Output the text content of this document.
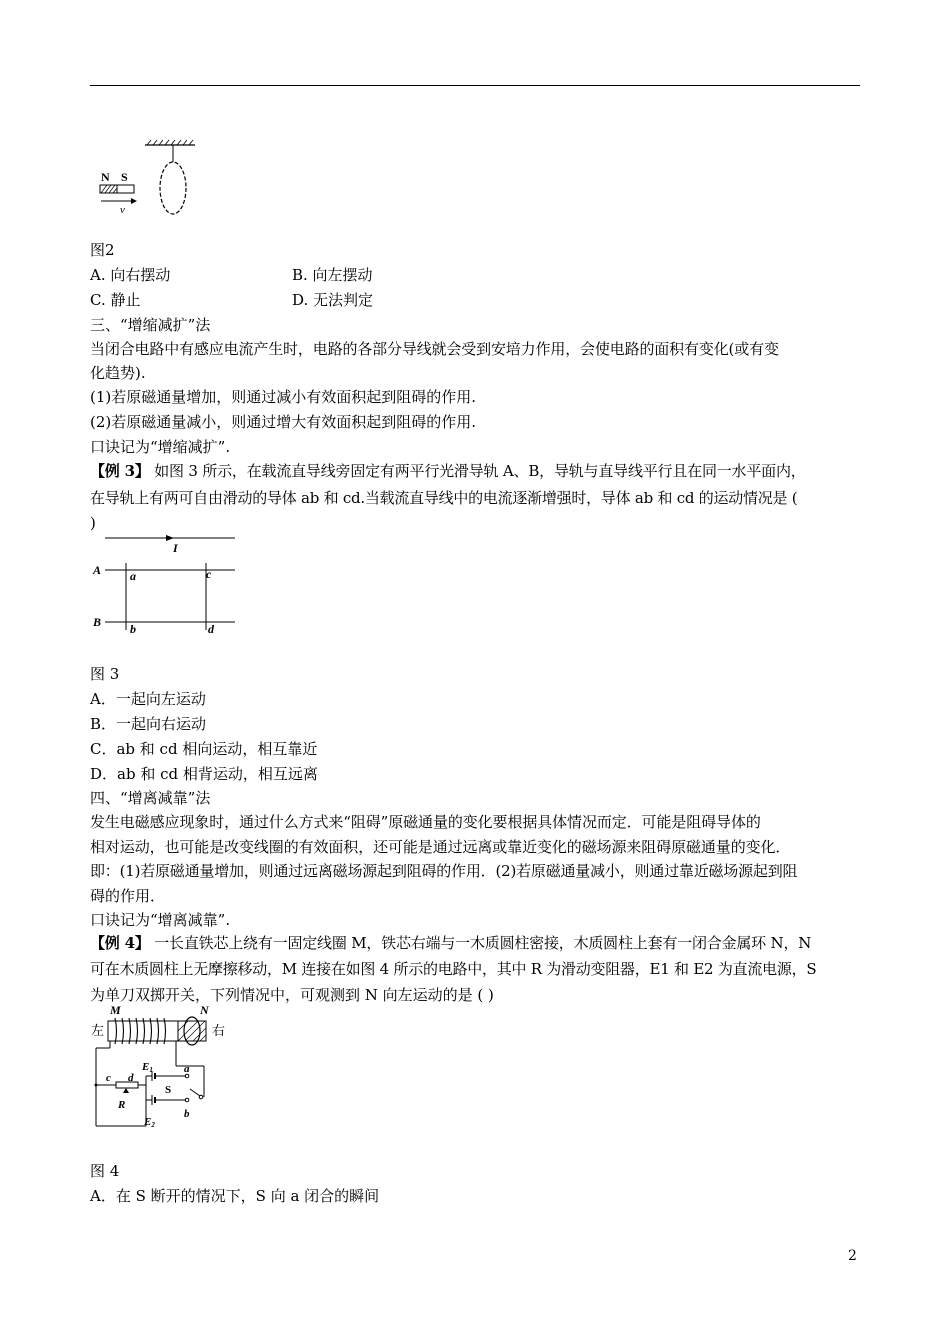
N S
v
图2
A. 向右摆动	B. 向左摆动
C. 静止	D. 无法判定
三、“增缩减扩”法
当闭合电路中有感应电流产生时，电路的各部分导线就会受到安培力作用，会使电路的面积有变化(或有变
化趋势).
(1)若原磁通量增加，则通过减小有效面积起到阻碍的作用.
(2)若原磁通量减小，则通过增大有效面积起到阻碍的作用.
口诀记为“增缩减扩”.
【例 3】 如图 3 所示，在载流直导线旁固定有两平行光滑导轨 A、B，导轨与直导线平行且在同一水平面内，
在导轨上有两可自由滑动的导体 ab 和 cd.当载流直导线中的电流逐渐增强时，导体 ab 和 cd 的运动情况是 (
)
I
A
B
a	c
b	d
图 3
A．一起向左运动
B．一起向右运动
C．ab 和 cd 相向运动，相互靠近
D．ab 和 cd 相背运动，相互远离
四、“增离减靠”法
发生电磁感应现象时，通过什么方式来“阻碍”原磁通量的变化要根据具体情况而定．可能是阻碍导体的
相对运动，也可能是改变线圈的有效面积，还可能是通过远离或靠近变化的磁场源来阻碍原磁通量的变化．
即：(1)若原磁通量增加，则通过远离磁场源起到阻碍的作用．(2)若原磁通量减小，则通过靠近磁场源起到阻
碍的作用．
口诀记为“增离减靠”.
【例 4】 一长直铁芯上绕有一固定线圈 M，铁芯右端与一木质圆柱密接，木质圆柱上套有一闭合金属环 N，N
可在木质圆柱上无摩擦移动，M 连接在如图 4 所示的电路中，其中 R 为滑动变阻器，E1 和 E2 为直流电源，S
为单刀双掷开关，下列情况中，可观测到 N 向左运动的是 ( )
M	N
左	右
c d
R
E1	a
E2
b
S
图 4
A．在 S 断开的情况下，S 向 a 闭合的瞬间
2
